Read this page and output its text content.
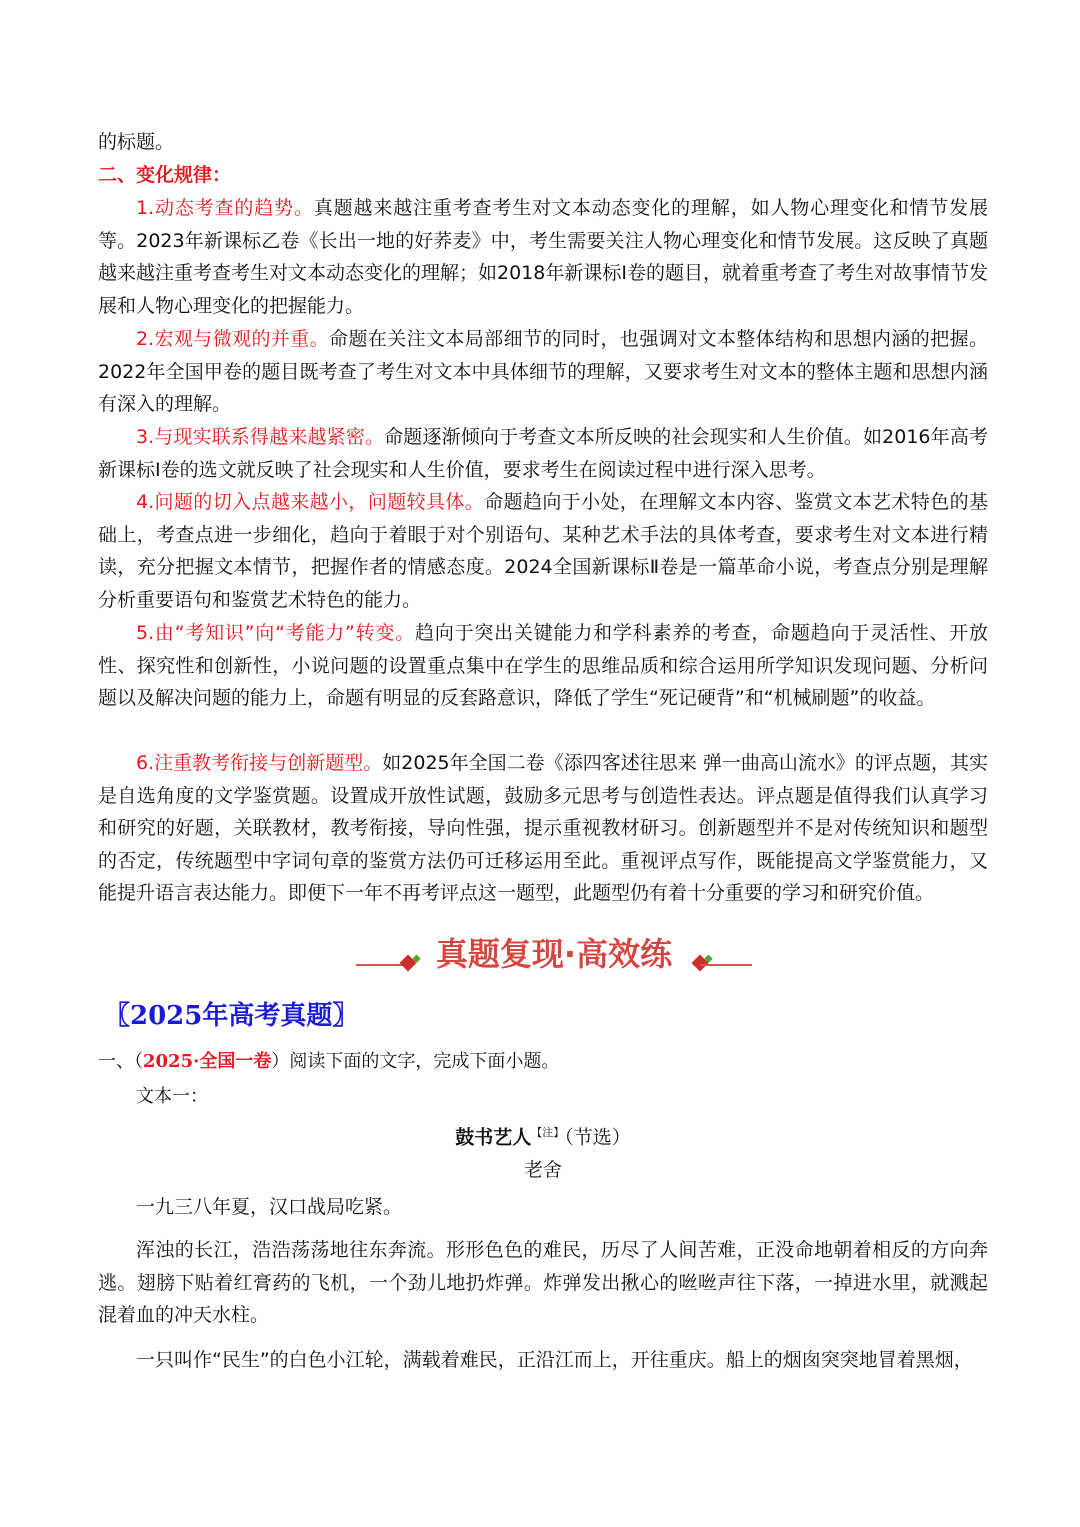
的标题。

二、变化规律：

1.动态考查的趋势。真题越来越注重考查考生对文本动态变化的理解，如人物心理变化和情节发展等。2023年新课标乙卷《长出一地的好荞麦》中，考生需要关注人物心理变化和情节发展。这反映了真题越来越注重考查考生对文本动态变化的理解；如2018年新课标Ⅰ卷的题目，就着重考查了考生对故事情节发展和人物心理变化的把握能力。

2.宏观与微观的并重。命题在关注文本局部细节的同时，也强调对文本整体结构和思想内涵的把握。2022年全国甲卷的题目既考查了考生对文本中具体细节的理解，又要求考生对文本的整体主题和思想内涵有深入的理解。

3.与现实联系得越来越紧密。命题逐渐倾向于考查文本所反映的社会现实和人生价值。如2016年高考新课标Ⅰ卷的选文就反映了社会现实和人生价值，要求考生在阅读过程中进行深入思考。

4.问题的切入点越来越小，问题较具体。命题趋向于小处，在理解文本内容、鉴赏文本艺术特色的基础上，考查点进一步细化，趋向于着眼于对个别语句、某种艺术手法的具体考查，要求考生对文本进行精读，充分把握文本情节，把握作者的情感态度。2024全国新课标Ⅱ卷是一篇革命小说，考查点分别是理解分析重要语句和鉴赏艺术特色的能力。

5.由“考知识”向“考能力”转变。趋向于突出关键能力和学科素养的考查，命题趋向于灵活性、开放性、探究性和创新性，小说问题的设置重点集中在学生的思维品质和综合运用所学知识发现问题、分析问题以及解决问题的能力上，命题有明显的反套路意识，降低了学生“死记硬背”和“机械刷题”的收益。

6.注重教考衔接与创新题型。如2025年全国二卷《添四客述往思来 弹一曲高山流水》的评点题，其实是自选角度的文学鉴赏题。设置成开放性试题，鼓励多元思考与创造性表达。评点题是值得我们认真学习和研究的好题，关联教材，教考衔接，导向性强，提示重视教材研习。创新题型并不是对传统知识和题型的否定，传统题型中字词句章的鉴赏方法仍可迁移运用至此。重视评点写作，既能提高文学鉴赏能力，又能提升语言表达能力。即便下一年不再考评点这一题型，此题型仍有着十分重要的学习和研究价值。

真题复现·高效练
〖2025年高考真题〗

一、（2025·全国一卷）阅读下面的文字，完成下面小题。

文本一：

鼓书艺人$^{【注】}$（节选）

老舍

一九三八年夏，汉口战局吃紧。

浑浊的长江，浩浩荡荡地往东奔流。形形色色的难民，历尽了人间苦难，正没命地朝着相反的方向奔逃。翅膀下贴着红膏药的飞机，一个劲儿地扔炸弹。炸弹发出揪心的咝咝声往下落，一掉进水里，就溅起混着血的冲天水柱。

一只叫作“民生”的白色小江轮，满载着难民，正沿江而上，开往重庆。船上的烟囱突突地冒着黑烟，
